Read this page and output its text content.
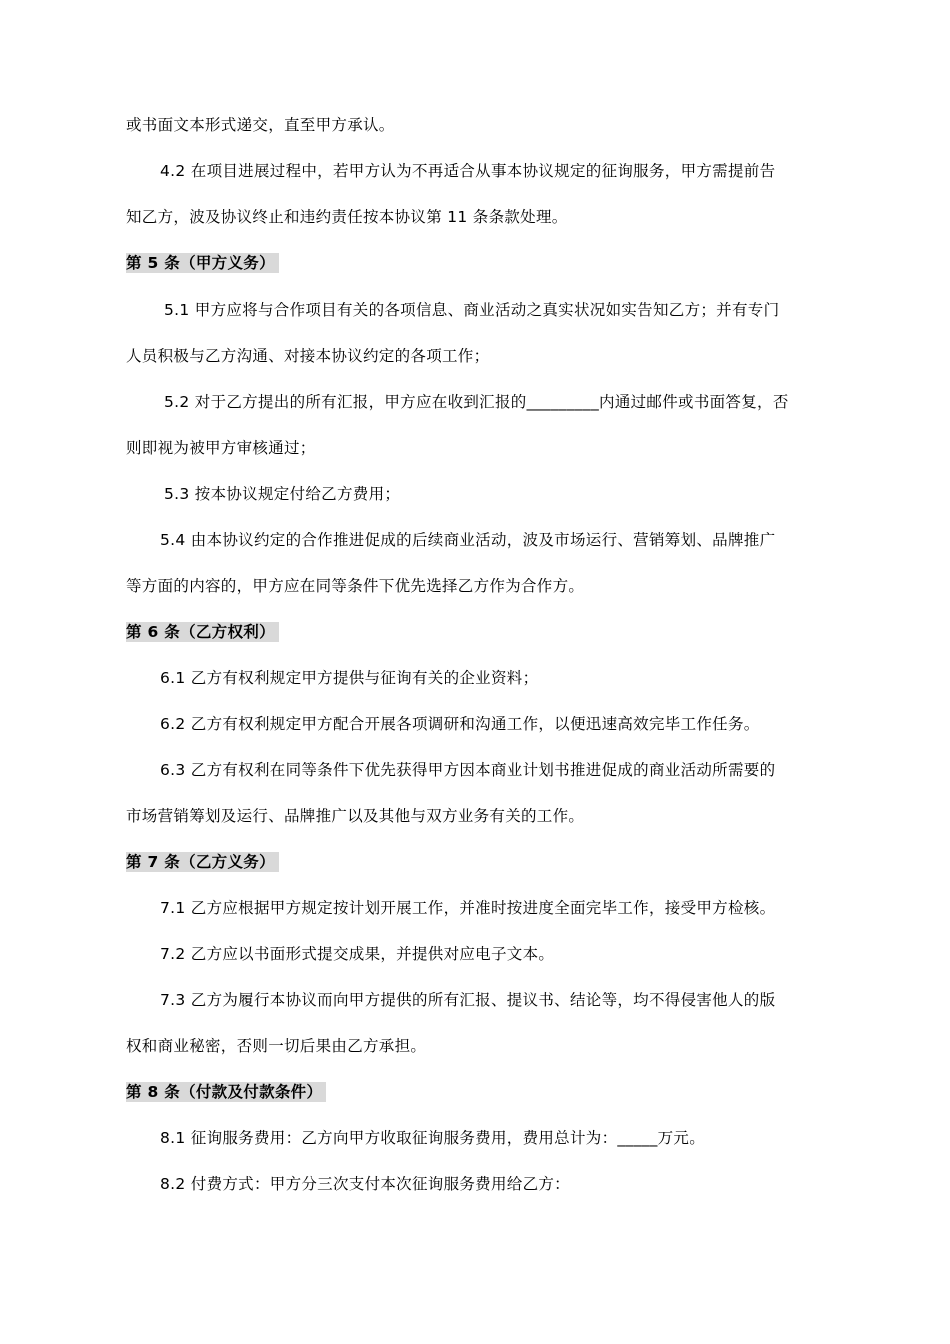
或书面文本形式递交，直至甲方承认。
4.2 在项目进展过程中，若甲方认为不再适合从事本协议规定的征询服务，甲方需提前告
知乙方，波及协议终止和违约责任按本协议第 11 条条款处理。
第 5 条（甲方义务）
5.1 甲方应将与合作项目有关的各项信息、商业活动之真实状况如实告知乙方；并有专门
人员积极与乙方沟通、对接本协议约定的各项工作；
5.2 对于乙方提出的所有汇报，甲方应在收到汇报的_________内通过邮件或书面答复，否
则即视为被甲方审核通过；
5.3 按本协议规定付给乙方费用；
5.4 由本协议约定的合作推进促成的后续商业活动，波及市场运行、营销筹划、品牌推广
等方面的内容的，甲方应在同等条件下优先选择乙方作为合作方。
第 6 条（乙方权利）
6.1 乙方有权利规定甲方提供与征询有关的企业资料；
6.2 乙方有权利规定甲方配合开展各项调研和沟通工作，以便迅速高效完毕工作任务。
6.3 乙方有权利在同等条件下优先获得甲方因本商业计划书推进促成的商业活动所需要的
市场营销筹划及运行、品牌推广以及其他与双方业务有关的工作。
第 7 条（乙方义务）
7.1 乙方应根据甲方规定按计划开展工作，并准时按进度全面完毕工作，接受甲方检核。
7.2 乙方应以书面形式提交成果，并提供对应电子文本。
7.3 乙方为履行本协议而向甲方提供的所有汇报、提议书、结论等，均不得侵害他人的版
权和商业秘密，否则一切后果由乙方承担。
第 8 条（付款及付款条件）
8.1 征询服务费用：乙方向甲方收取征询服务费用，费用总计为：_____万元。
8.2 付费方式：甲方分三次支付本次征询服务费用给乙方：
